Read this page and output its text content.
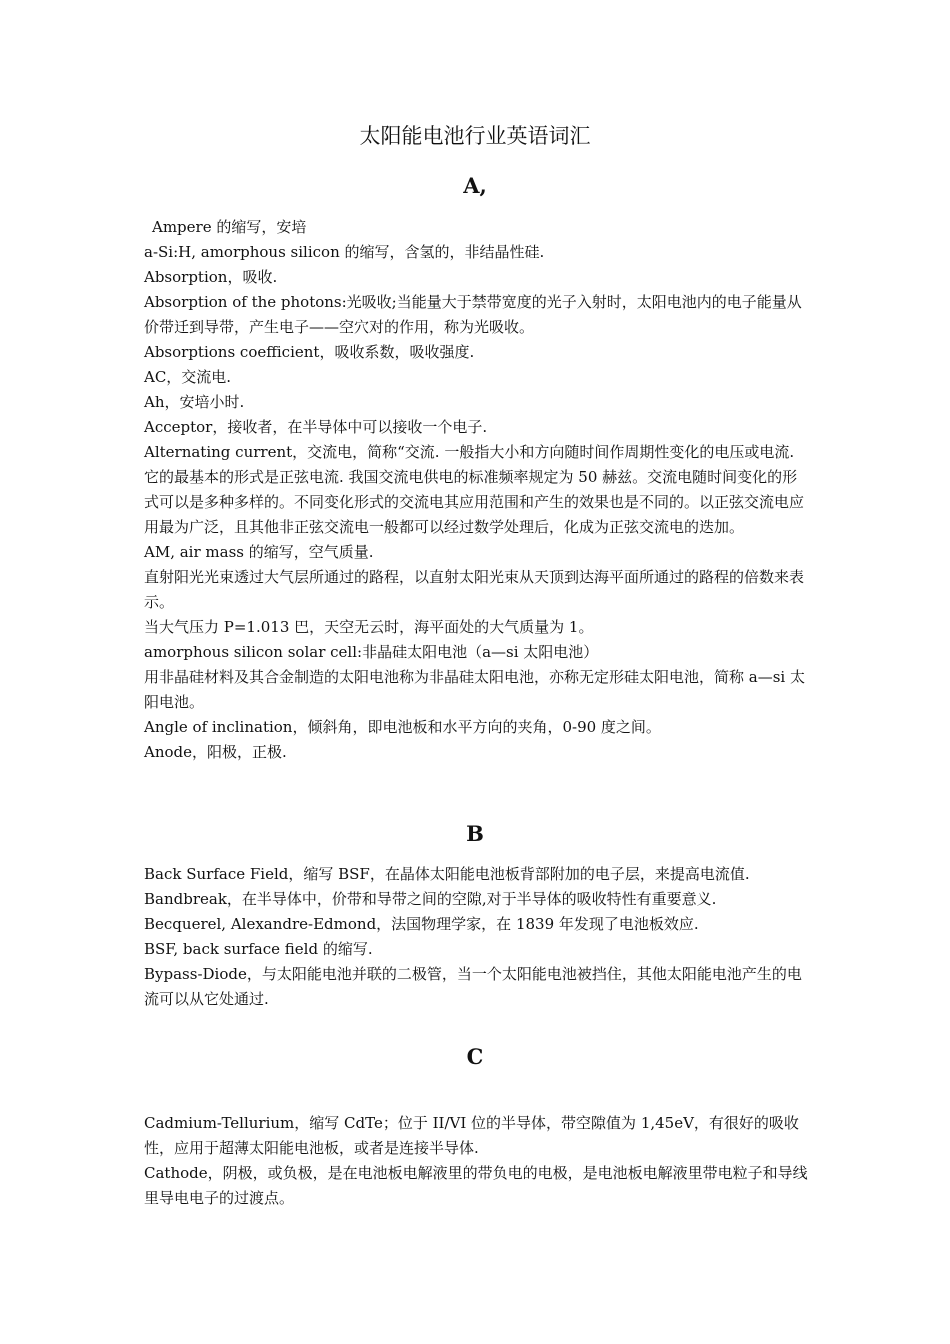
太阳能电池行业英语词汇
A,

Ampere 的缩写，安培

a-Si:H, amorphous silicon 的缩写，含氢的，非结晶性硅.

Absorption，吸收.

Absorption of the photons:光吸收;当能量大于禁带宽度的光子入射时，太阳电池内的电子能量从价带迁到导带，产生电子——空穴对的作用，称为光吸收。

Absorptions coefficient，吸收系数，吸收强度.

AC，交流电.

Ah，安培小时.

Acceptor，接收者，在半导体中可以接收一个电子.

Alternating current，交流电，简称“交流. 一般指大小和方向随时间作周期性变化的电压或电流. 它的最基本的形式是正弦电流. 我国交流电供电的标准频率规定为 50 赫兹。交流电随时间变化的形式可以是多种多样的。不同变化形式的交流电其应用范围和产生的效果也是不同的。以正弦交流电应用最为广泛，且其他非正弦交流电一般都可以经过数学处理后，化成为正弦交流电的迭加。

AM, air mass 的缩写，空气质量.

直射阳光光束透过大气层所通过的路程，以直射太阳光束从天顶到达海平面所通过的路程的倍数来表示。

当大气压力 P=1.013 巴，天空无云时，海平面处的大气质量为 1。

amorphous silicon solar cell:非晶硅太阳电池（a—si 太阳电池）

用非晶硅材料及其合金制造的太阳电池称为非晶硅太阳电池，亦称无定形硅太阳电池，简称 a—si 太阳电池。

Angle of inclination，倾斜角，即电池板和水平方向的夹角，0-90 度之间。

Anode，阳极，正极.

B

Back Surface Field，缩写 BSF，在晶体太阳能电池板背部附加的电子层，来提高电流值.

Bandbreak，在半导体中，价带和导带之间的空隙,对于半导体的吸收特性有重要意义.

Becquerel, Alexandre-Edmond，法国物理学家，在 1839 年发现了电池板效应.

BSF, back surface field 的缩写.

Bypass-Diode，与太阳能电池并联的二极管，当一个太阳能电池被挡住，其他太阳能电池产生的电流可以从它处通过.

C

Cadmium-Tellurium，缩写 CdTe；位于 II/VI 位的半导体，带空隙值为 1,45eV，有很好的吸收性，应用于超薄太阳能电池板，或者是连接半导体.

Cathode，阴极，或负极，是在电池板电解液里的带负电的电极，是电池板电解液里带电粒子和导线里导电电子的过渡点。
